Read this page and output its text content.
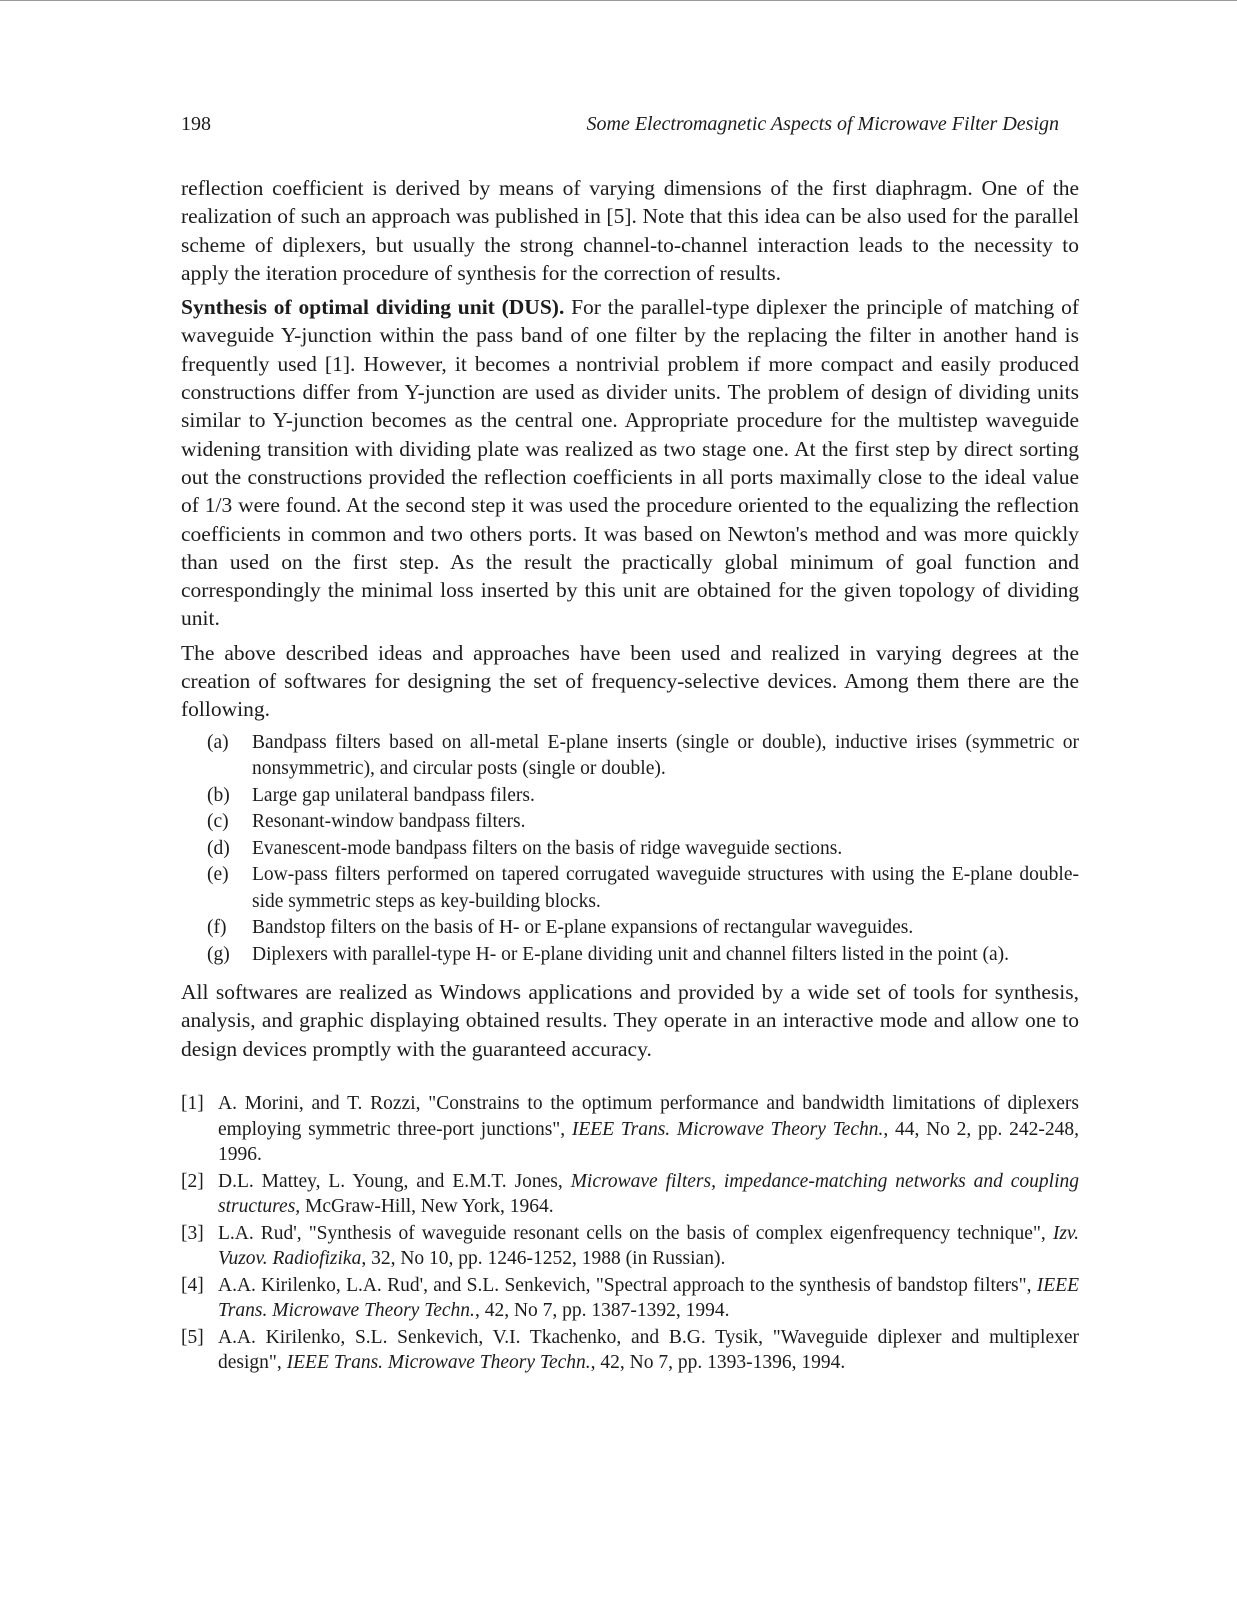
198	Some Electromagnetic Aspects of Microwave Filter Design

reflection coefficient is derived by means of varying dimensions of the first diaphragm. One of the realization of such an approach was published in [5]. Note that this idea can be also used for the parallel scheme of diplexers, but usually the strong channel-to-channel interaction leads to the necessity to apply the iteration procedure of synthesis for the correction of results.

Synthesis of optimal dividing unit (DUS). For the parallel-type diplexer the principle of matching of waveguide Y-junction within the pass band of one filter by the replacing the filter in another hand is frequently used [1]. However, it becomes a nontrivial problem if more compact and easily produced constructions differ from Y-junction are used as divider units. The problem of design of dividing units similar to Y-junction becomes as the central one. Appropriate procedure for the multistep waveguide widening transition with dividing plate was realized as two stage one. At the first step by direct sorting out the constructions provided the reflection coefficients in all ports maximally close to the ideal value of 1/3 were found. At the second step it was used the procedure oriented to the equalizing the reflection coefficients in common and two others ports. It was based on Newton's method and was more quickly than used on the first step. As the result the practically global minimum of goal function and correspondingly the minimal loss inserted by this unit are obtained for the given topology of dividing unit.

The above described ideas and approaches have been used and realized in varying degrees at the creation of softwares for designing the set of frequency-selective devices. Among them there are the following.

(a) Bandpass filters based on all-metal E-plane inserts (single or double), inductive irises (symmetric or nonsymmetric), and circular posts (single or double).
(b) Large gap unilateral bandpass filers.
(c) Resonant-window bandpass filters.
(d) Evanescent-mode bandpass filters on the basis of ridge waveguide sections.
(e) Low-pass filters performed on tapered corrugated waveguide structures with using the E-plane double-side symmetric steps as key-building blocks.
(f) Bandstop filters on the basis of H- or E-plane expansions of rectangular waveguides.
(g) Diplexers with parallel-type H- or E-plane dividing unit and channel filters listed in the point (a).

All softwares are realized as Windows applications and provided by a wide set of tools for synthesis, analysis, and graphic displaying obtained results. They operate in an interactive mode and allow one to design devices promptly with the guaranteed accuracy.

[1] A. Morini, and T. Rozzi, "Constrains to the optimum performance and bandwidth limitations of diplexers employing symmetric three-port junctions", IEEE Trans. Microwave Theory Techn., 44, No 2, pp. 242-248, 1996.
[2] D.L. Mattey, L. Young, and E.M.T. Jones, Microwave filters, impedance-matching networks and coupling structures, McGraw-Hill, New York, 1964.
[3] L.A. Rud', "Synthesis of waveguide resonant cells on the basis of complex eigenfrequency technique", Izv. Vuzov. Radiofizika, 32, No 10, pp. 1246-1252, 1988 (in Russian).
[4] A.A. Kirilenko, L.A. Rud', and S.L. Senkevich, "Spectral approach to the synthesis of bandstop filters", IEEE Trans. Microwave Theory Techn., 42, No 7, pp. 1387-1392, 1994.
[5] A.A. Kirilenko, S.L. Senkevich, V.I. Tkachenko, and B.G. Tysik, "Waveguide diplexer and multiplexer design", IEEE Trans. Microwave Theory Techn., 42, No 7, pp. 1393-1396, 1994.
